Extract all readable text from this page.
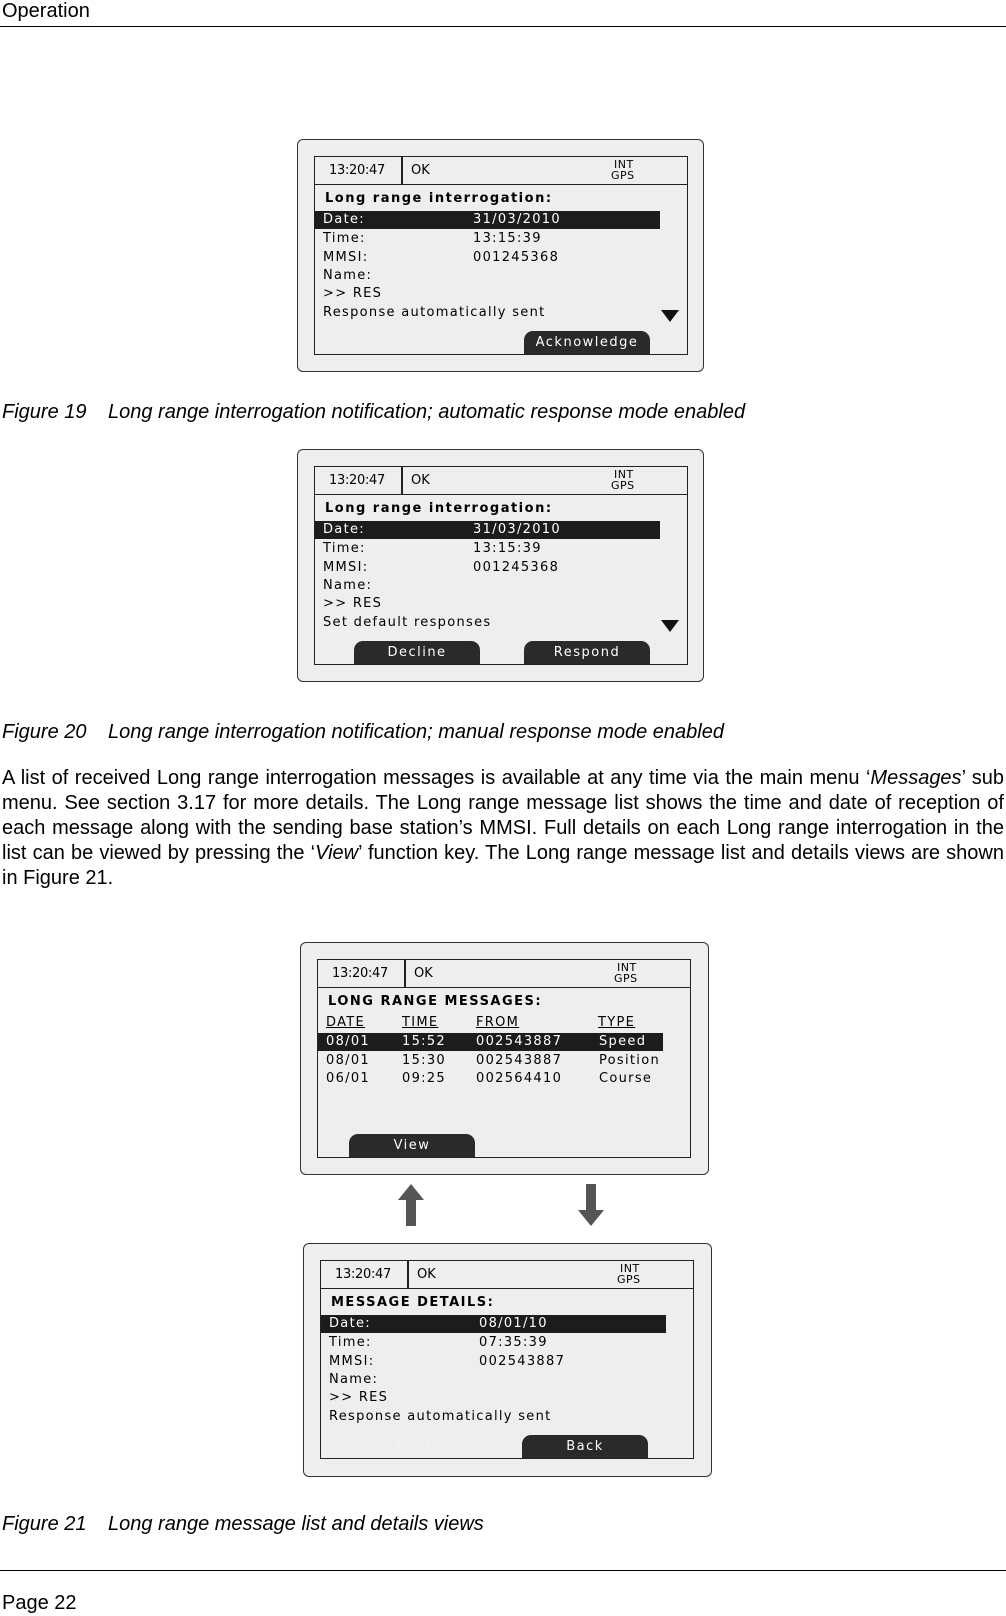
Operation
13:20:47 OK	INT
GPS
Long range interrogation:
Date:	31/03/2010
Time:	13:15:39
MMSI:	001245368
Name:
>> RES
Response automatically sent
Acknowledge
Figure 19 Long range interrogation notification; automatic response mode enabled
13:20:47 OK	INT
GPS
Long range interrogation:
Date:	31/03/2010
Time:	13:15:39
MMSI:	001245368
Name:
>> RES
Set default responses
Decline	Respond
Figure 20 Long range interrogation notification; manual response mode enabled
A list of received Long range interrogation messages is available at any time via the main menu ‘Messages’ sub menu. See section 3.17 for more details. The Long range message list shows the time and date of reception of each message along with the sending base station’s MMSI. Full details on each Long range interrogation in the list can be viewed by pressing the ‘View’ function key. The Long range message list and details views are shown in Figure 21.
13:20:47 OK	INT
GPS
LONG RANGE MESSAGES:
DATE	TIME	FROM	TYPE
08/01 15:52 002543887	Speed
08/01 15:30 002543887	Position
06/01 09:25 002564410	Course
View
13:20:47 OK	INT
GPS
MESSAGE DETAILS:
Date:	08/01/10
Time:	07:35:39
MMSI:	002543887
Name:
>> RES
Response automatically sent
Back	Back
Figure 21 Long range message list and details views
Page 22
